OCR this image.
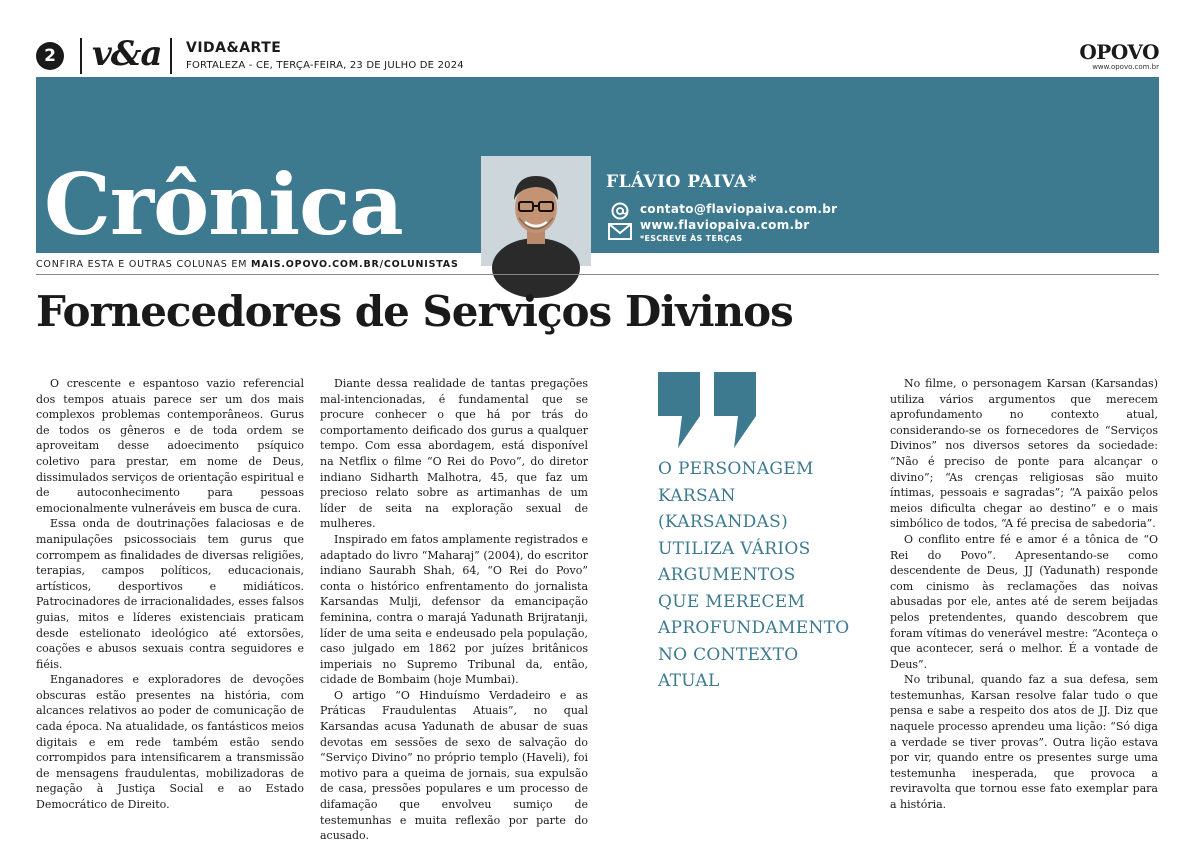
2 v&a VIDA&ARTE
FORTALEZA - CE, TERÇA-FEIRA, 23 DE JULHO DE 2024
OPOVO
www.opovo.com.br
Crônica	FLÁVIO PAIVA*
contato@flaviopaiva.com.br
www.flaviopaiva.com.br
*ESCREVE ÀS TERÇAS
CONFIRA ESTA E OUTRAS COLUNAS EM MAIS.OPOVO.COM.BR/COLUNISTAS
Fornecedores de Serviços Divinos

O crescente e espantoso vazio referencial dos tempos atuais parece ser um dos mais complexos problemas contemporâneos. Gurus de todos os gêneros e de toda ordem se aproveitam desse adoecimento psíquico coletivo para prestar, em nome de Deus, dissimulados serviços de orientação espiritual e de autoconhecimento para pessoas emocionalmente vulneráveis em busca de cura.

Essa onda de doutrinações falaciosas e de manipulações psicossociais tem gurus que corrompem as finalidades de diversas religiões, terapias, campos políticos, educacionais, artísticos, desportivos e midiáticos. Patrocinadores de irracionalidades, esses falsos guias, mitos e líderes existenciais praticam desde estelionato ideológico até extorsões, coações e abusos sexuais contra seguidores e fiéis.

Enganadores e exploradores de devoções obscuras estão presentes na história, com alcances relativos ao poder de comunicação de cada época. Na atualidade, os fantásticos meios digitais e em rede também estão sendo corrompidos para intensificarem a transmissão de mensagens fraudulentas, mobilizadoras de negação à Justiça Social e ao Estado Democrático de Direito.

Diante dessa realidade de tantas pregações mal-intencionadas, é fundamental que se procure conhecer o que há por trás do comportamento deificado dos gurus a qualquer tempo. Com essa abordagem, está disponível na Netflix o filme “O Rei do Povo”, do diretor indiano Sidharth Malhotra, 45, que faz um precioso relato sobre as artimanhas de um líder de seita na exploração sexual de mulheres.

Inspirado em fatos amplamente registrados e adaptado do livro “Maharaj” (2004), do escritor indiano Saurabh Shah, 64, “O Rei do Povo” conta o histórico enfrentamento do jornalista Karsandas Mulji, defensor da emancipação feminina, contra o marajá Yadunath Brijratanji, líder de uma seita e endeusado pela população, caso julgado em 1862 por juízes britânicos imperiais no Supremo Tribunal da, então, cidade de Bombaim (hoje Mumbai).

O artigo “O Hinduísmo Verdadeiro e as Práticas Fraudulentas Atuais”, no qual Karsandas acusa Yadunath de abusar de suas devotas em sessões de sexo de salvação do “Serviço Divino” no próprio templo (Haveli), foi motivo para a queima de jornais, sua expulsão de casa, pressões populares e um processo de difamação que envolveu sumiço de testemunhas e muita reflexão por parte do acusado.

O PERSONAGEM
KARSAN
(KARSANDAS)
UTILIZA VÁRIOS
ARGUMENTOS
QUE MERECEM
APROFUNDAMENTO
NO CONTEXTO
ATUAL

No filme, o personagem Karsan (Karsandas) utiliza vários argumentos que merecem aprofundamento no contexto atual, considerando-se os fornecedores de “Serviços Divinos” nos diversos setores da sociedade: “Não é preciso de ponte para alcançar o divino”; “As crenças religiosas são muito íntimas, pessoais e sagradas”; “A paixão pelos meios dificulta chegar ao destino” e o mais simbólico de todos, “A fé precisa de sabedoria”.

O conflito entre fé e amor é a tônica de “O Rei do Povo”. Apresentando-se como descendente de Deus, JJ (Yadunath) responde com cinismo às reclamações das noivas abusadas por ele, antes até de serem beijadas pelos pretendentes, quando descobrem que foram vítimas do venerável mestre: “Aconteça o que acontecer, será o melhor. É a vontade de Deus”.

No tribunal, quando faz a sua defesa, sem testemunhas, Karsan resolve falar tudo o que pensa e sabe a respeito dos atos de JJ. Diz que naquele processo aprendeu uma lição: “Só diga a verdade se tiver provas”. Outra lição estava por vir, quando entre os presentes surge uma testemunha inesperada, que provoca a reviravolta que tornou esse fato exemplar para a história.
